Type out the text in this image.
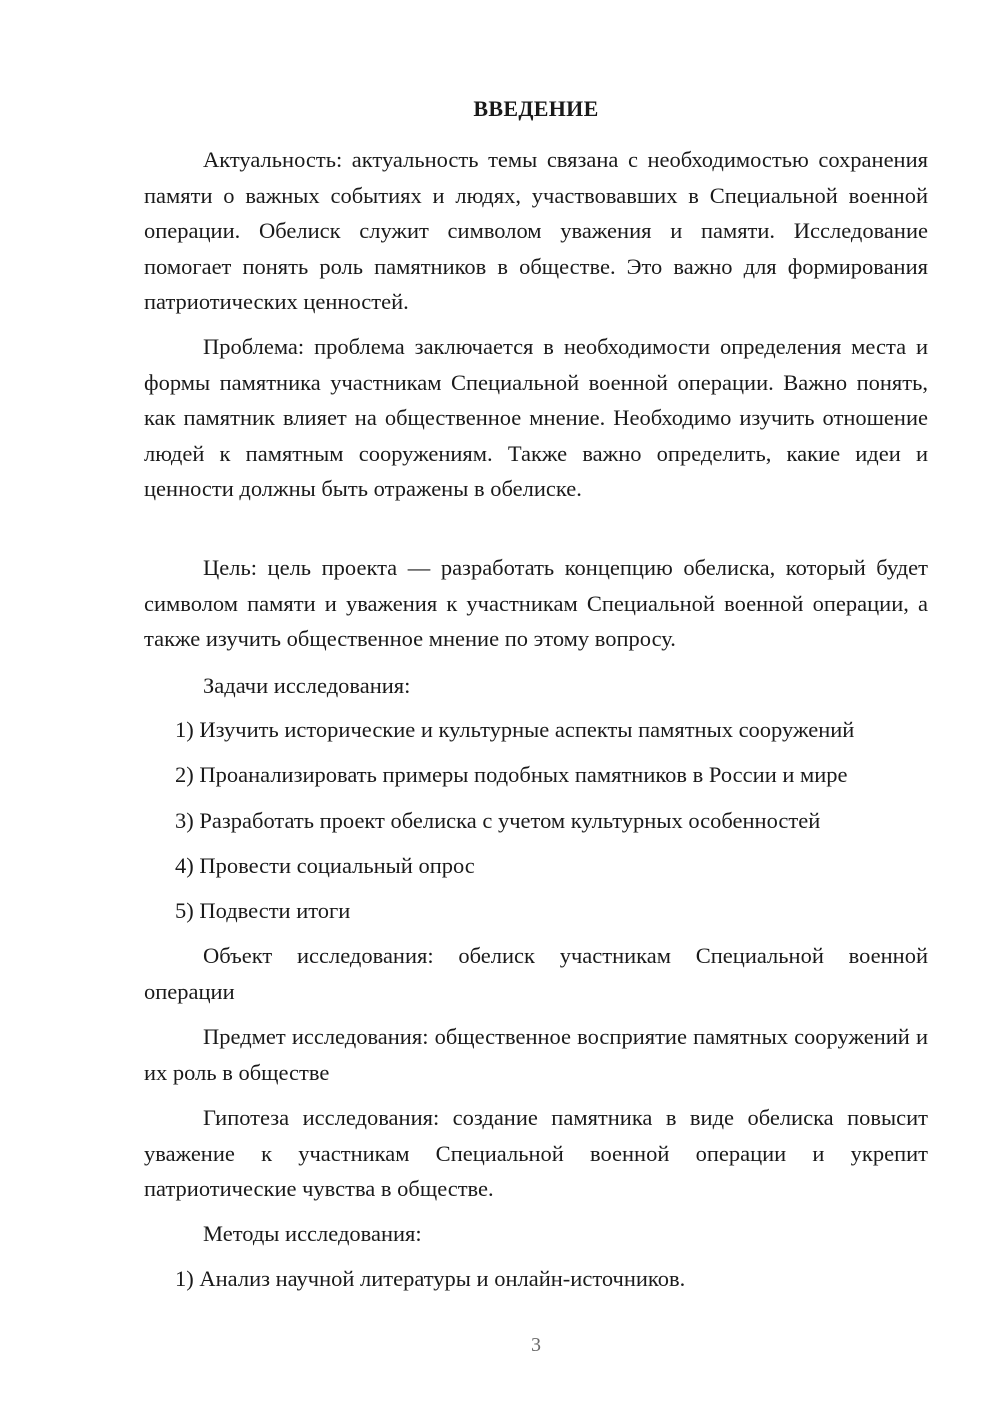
ВВЕДЕНИЕ

Актуальность: актуальность темы связана с необходимостью сохранения памяти о важных событиях и людях, участвовавших в Специальной военной операции. Обелиск служит символом уважения и памяти. Исследование помогает понять роль памятников в обществе. Это важно для формирования патриотических ценностей.

Проблема: проблема заключается в необходимости определения места и формы памятника участникам Специальной военной операции. Важно понять, как памятник влияет на общественное мнение. Необходимо изучить отношение людей к памятным сооружениям. Также важно определить, какие идеи и ценности должны быть отражены в обелиске.

Цель: цель проекта — разработать концепцию обелиска, который будет символом памяти и уважения к участникам Специальной военной операции, а также изучить общественное мнение по этому вопросу.

Задачи исследования:

1) Изучить исторические и культурные аспекты памятных сооружений

2) Проанализировать примеры подобных памятников в России и мире

3) Разработать проект обелиска с учетом культурных особенностей

4) Провести социальный опрос

5) Подвести итоги

Объект исследования: обелиск участникам Специальной военной операции

Предмет исследования: общественное восприятие памятных сооружений и их роль в обществе

Гипотеза исследования: создание памятника в виде обелиска повысит уважение к участникам Специальной военной операции и укрепит патриотические чувства в обществе.

Методы исследования:

1) Анализ научной литературы и онлайн-источников.

3
